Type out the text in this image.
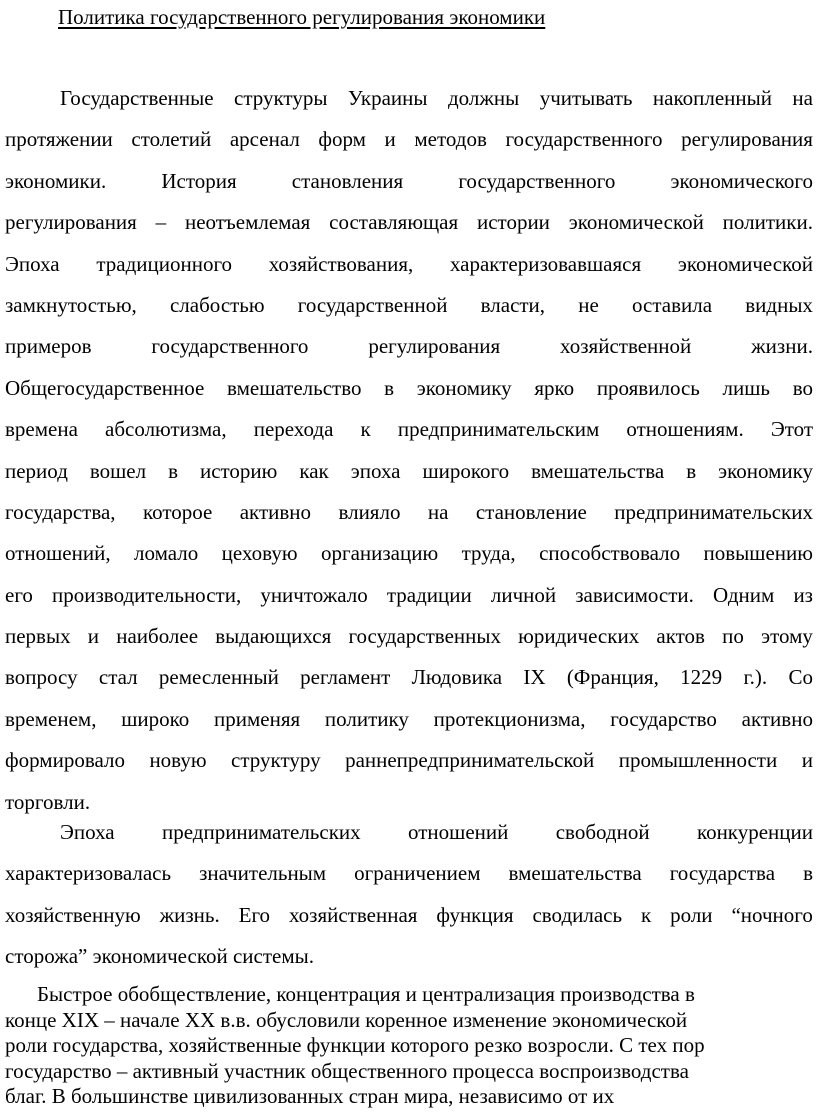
Политика государственного регулирования экономики
Государственные структуры Украины должны учитывать накопленный на
протяжении столетий арсенал форм и методов государственного регулирования
экономики.	История	становления	государственного	экономического
регулирования – неотъемлемая составляющая истории экономической политики.
Эпоха традиционного хозяйствования, характеризовавшаяся экономической
замкнутостью, слабостью государственной власти, не оставила видных
примеров	государственного	регулирования	хозяйственной	жизни.
Общегосударственное вмешательство в экономику ярко проявилось лишь во
времена абсолютизма, перехода к предпринимательским отношениям. Этот
период вошел в историю как эпоха широкого вмешательства в экономику
государства, которое активно влияло на становление предпринимательских
отношений, ломало цеховую организацию труда, способствовало повышению
его производительности, уничтожало традиции личной зависимости. Одним из
первых и наиболее выдающихся государственных юридических актов по этому
вопросу стал ремесленный регламент Людовика IX (Франция, 1229 г.). Со
временем, широко применяя политику протекционизма, государство активно
формировало новую структуру раннепредпринимательской промышленности и
торговли.
Эпоха предпринимательских отношений свободной конкуренции
характеризовалась значительным ограничением вмешательства государства в
хозяйственную жизнь. Его хозяйственная функция сводилась к роли “ночного
сторожа” экономической системы.
Быстрое обобществление, концентрация и централизация производства в
конце XIX – начале XX в.в. обусловили коренное изменение экономической
роли государства, хозяйственные функции которого резко возросли. С тех пор
государство – активный участник общественного процесса воспроизводства
благ. В большинстве цивилизованных стран мира, независимо от их
